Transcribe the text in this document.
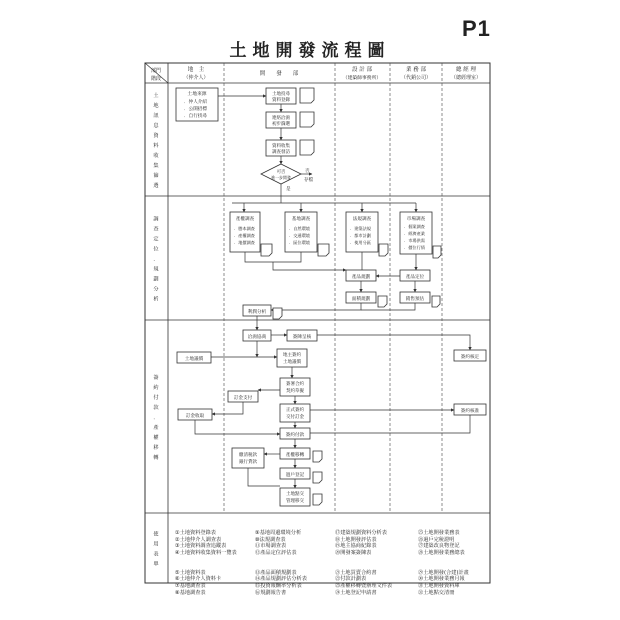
P1
土地開發流程圖
部門
階段
地　主
（仲介人）
開　　發　　部
設 計 部
（建築師事務所）
業 務 部
（代銷公司）
總 經 理
（總經理室）
土地訊息資料收集篩選
調查定位．規劃分析
簽約付款．產權移轉
使用表單
土地來源
．仲人介紹
．公開招標
．自行找尋
土地投尋
資料登錄
連絡洽詢
初步篩選
資料收集
調查發訪
可否
進一步開發
是
否
存檔
產權調查
．謄本調查
．產權調查
．地價調查
基地調查
．自然環境
．交通環境
．區位環境
法規調查
．建築法規
．都市計劃
．使用分區
市場調查
．個案調查
．經濟產業
．市場供需
．價位行情
產品規劃	產品定位
面積規劃	銷售預估
利潤分析
洽詢協商	簽陳呈核
土地議價
地主簽約
土地議價
簽約核定
簽署合約
契約草擬
訂金支付
正式簽約
交付訂金
簽約核准
訂金收取
簽約付款
產權移轉
繳清稅款
銀行貸款
過戶登記
土地點交
管理移交

①土地資料登錄表
②土地仲介人調查表
③土地資料調查追蹤表
④土地資料收集資料一覽表

⑤土地資料表
⑥土地仲介人資料卡
⑦基地調查表
⑧基地調查表

⑨基地周邊環境分析
⑩法規調查表
⑪市場調查表
⑫產品定位評估表

⑬產品面積規劃表
⑭產品規劃評估分析表
⑮投資報酬率分析表
⑯規劃報告書

⑰建築規劃資料分析表
⑱土地開發評估表
⑲地主協商紀錄表
⑳開發案簽陳表

㉑土地買賣合約書
㉒付款計劃表
㉓產權移轉暨辦理文件表
㉔土地登記申請書

㉕土地開發業務表
㉖過戶完稅證明
㉗建築改良物登記
㉘土地開發業務總表

㉙土地開發(合建)計畫
㉚土地開發業務月報
㉛土地開發資料庫
㉜土地點交清冊
